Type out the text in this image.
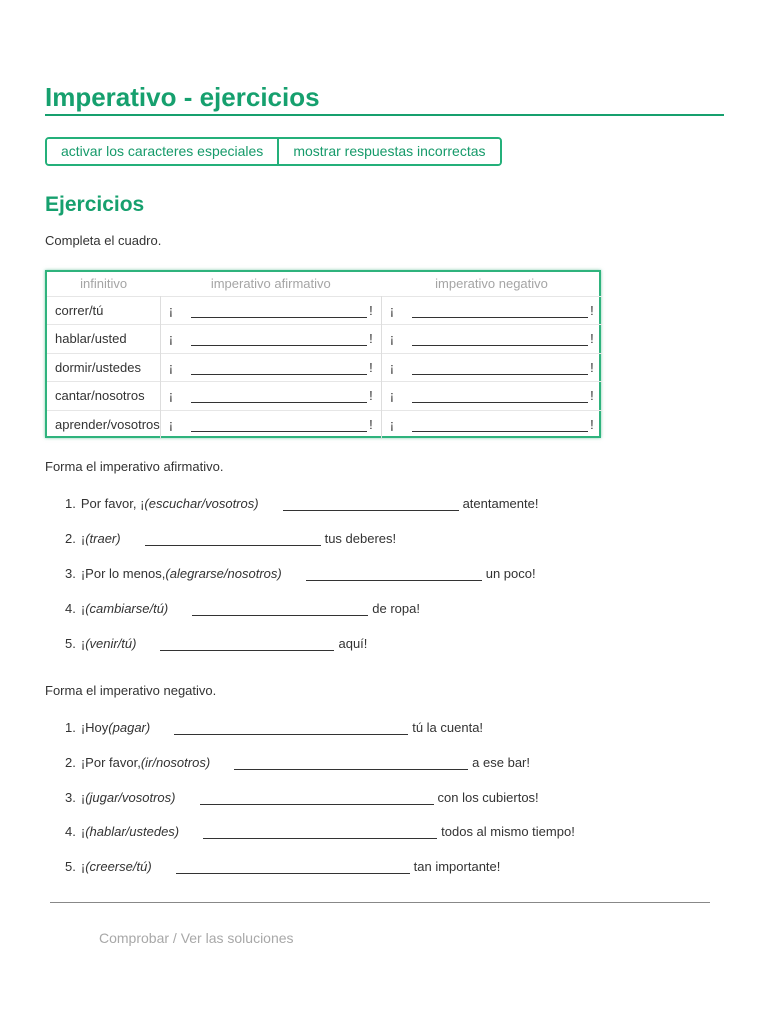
Imperativo - ejercicios
activar los caracteres especiales	mostrar respuestas incorrectas
Ejercicios

Completa el cuadro.

infinitivo	imperativo afirmativo	imperativo negativo
correr/tú	¡ !	¡ !

hablar/usted	¡ !	¡ !

dormir/ustedes	¡ !	¡ !

cantar/nosotros	¡ !	¡ !

aprender/vosotros	¡ !	¡ !

Forma el imperativo afirmativo.

1. Por favor, ¡ (escuchar/vosotros)	atentamente!
2. ¡ (traer)	tus deberes!
3. ¡Por lo menos, (alegrarse/nosotros)	un poco!
4. ¡ (cambiarse/tú)	de ropa!
5. ¡ (venir/tú)	aquí!

Forma el imperativo negativo.

1. ¡Hoy (pagar)	tú la cuenta!
2. ¡Por favor, (ir/nosotros)	a ese bar!
3. ¡ (jugar/vosotros)	con los cubiertos!
4. ¡ (hablar/ustedes)	todos al mismo tiempo!
5. ¡ (creerse/tú)	tan importante!
Comprobar / Ver las soluciones
